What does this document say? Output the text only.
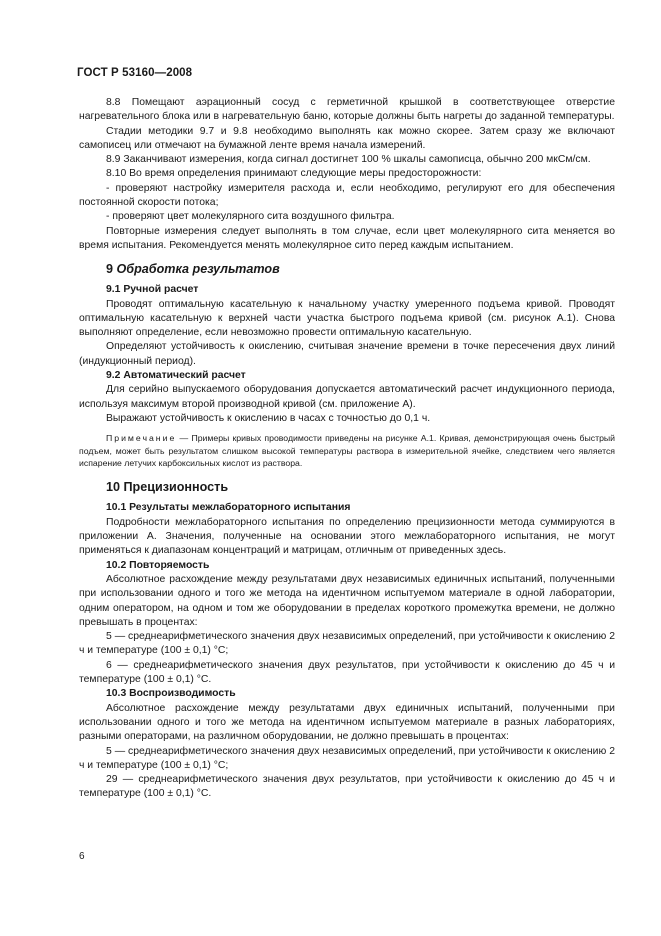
ГОСТ Р 53160—2008

8.8 Помещают аэрационный сосуд с герметичной крышкой в соответствующее отверстие нагревательного блока или в нагревательную баню, которые должны быть нагреты до заданной температуры.

Стадии методики 9.7 и 9.8 необходимо выполнять как можно скорее. Затем сразу же включают самописец или отмечают на бумажной ленте время начала измерений.

8.9 Заканчивают измерения, когда сигнал достигнет 100 % шкалы самописца, обычно 200 мкСм/см.

8.10 Во время определения принимают следующие меры предосторожности:

- проверяют настройку измерителя расхода и, если необходимо, регулируют его для обеспечения постоянной скорости потока;

- проверяют цвет молекулярного сита воздушного фильтра.

Повторные измерения следует выполнять в том случае, если цвет молекулярного сита меняется во время испытания. Рекомендуется менять молекулярное сито перед каждым испытанием.

9 Обработка результатов

9.1 Ручной расчет

Проводят оптимальную касательную к начальному участку умеренного подъема кривой. Проводят оптимальную касательную к верхней части участка быстрого подъема кривой (см. рисунок А.1). Снова выполняют определение, если невозможно провести оптимальную касательную.

Определяют устойчивость к окислению, считывая значение времени в точке пересечения двух линий (индукционный период).

9.2 Автоматический расчет

Для серийно выпускаемого оборудования допускается автоматический расчет индукционного периода, используя максимум второй производной кривой (см. приложение А).

Выражают устойчивость к окислению в часах с точностью до 0,1 ч.

Примечание — Примеры кривых проводимости приведены на рисунке А.1. Кривая, демонстрирующая очень быстрый подъем, может быть результатом слишком высокой температуры раствора в измерительной ячейке, следствием чего является испарение летучих карбоксильных кислот из раствора.

10 Прецизионность

10.1 Результаты межлабораторного испытания

Подробности межлабораторного испытания по определению прецизионности метода суммируются в приложении А. Значения, полученные на основании этого межлабораторного испытания, не могут применяться к диапазонам концентраций и матрицам, отличным от приведенных здесь.

10.2 Повторяемость

Абсолютное расхождение между результатами двух независимых единичных испытаний, полученными при использовании одного и того же метода на идентичном испытуемом материале в одной лаборатории, одним оператором, на одном и том же оборудовании в пределах короткого промежутка времени, не должно превышать в процентах:

5 — среднеарифметического значения двух независимых определений, при устойчивости к окислению 2 ч и температуре (100 ± 0,1) °С;

6 — среднеарифметического значения двух результатов, при устойчивости к окислению до 45 ч и температуре (100 ± 0,1) °С.

10.3 Воспроизводимость

Абсолютное расхождение между результатами двух единичных испытаний, полученными при использовании одного и того же метода на идентичном испытуемом материале в разных лабораториях, разными операторами, на различном оборудовании, не должно превышать в процентах:

5 — среднеарифметического значения двух независимых определений, при устойчивости к окислению 2 ч и температуре (100 ± 0,1) °С;

29 — среднеарифметического значения двух результатов, при устойчивости к окислению до 45 ч и температуре (100 ± 0,1) °С.

6
